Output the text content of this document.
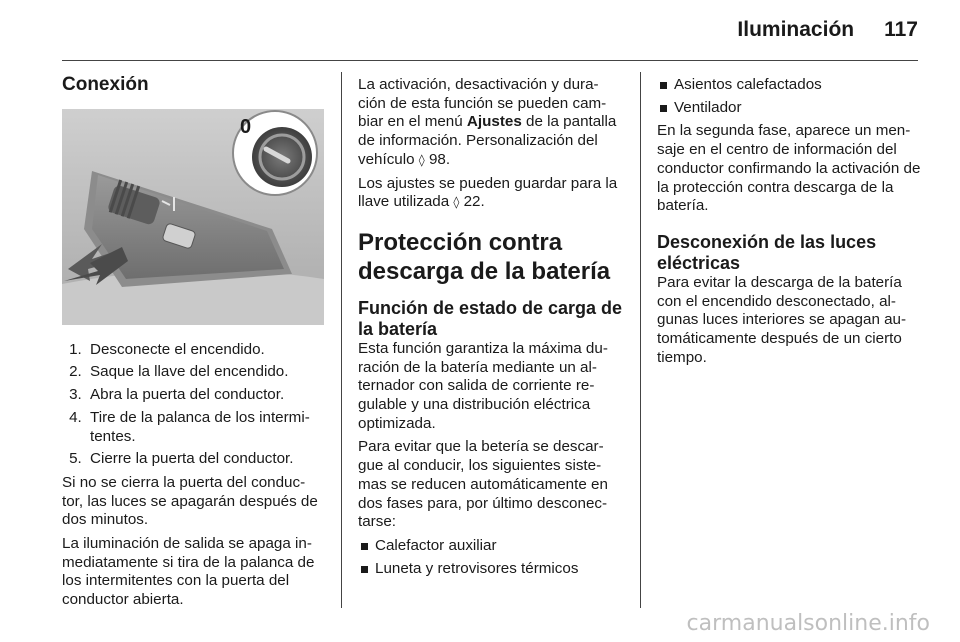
Iluminación 117
Conexión
0
1. Desconecte el encendido.
2. Saque la llave del encendido.
3. Abra la puerta del conductor.
4. Tire de la palanca de los intermi-tentes.
5. Cierre la puerta del conductor.

Si no se cierra la puerta del conduc-tor, las luces se apagarán después de dos minutos.

La iluminación de salida se apaga in-mediatamente si tira de la palanca de los intermitentes con la puerta del conductor abierta.

La activación, desactivación y dura-ción de esta función se pueden cam-biar en el menú Ajustes de la pantalla de información. Personalización del vehículo ◊ 98.

Los ajustes se pueden guardar para la llave utilizada ◊ 22.

Protección contra descarga de la batería
Función de estado de carga de la batería

Esta función garantiza la máxima du-ración de la batería mediante un al-ternador con salida de corriente re-gulable y una distribución eléctrica optimizada.

Para evitar que la betería se descar-gue al conducir, los siguientes siste-mas se reducen automáticamente en dos fases para, por último desconec-tarse:

Calefactor auxiliar
Luneta y retrovisores térmicos
Asientos calefactados
Ventilador

En la segunda fase, aparece un men-saje en el centro de información del conductor confirmando la activación de la protección contra descarga de la batería.

Desconexión de las luces eléctricas

Para evitar la descarga de la batería con el encendido desconectado, al-gunas luces interiores se apagan au-tomáticamente después de un cierto tiempo.

carmanualsonline.info
